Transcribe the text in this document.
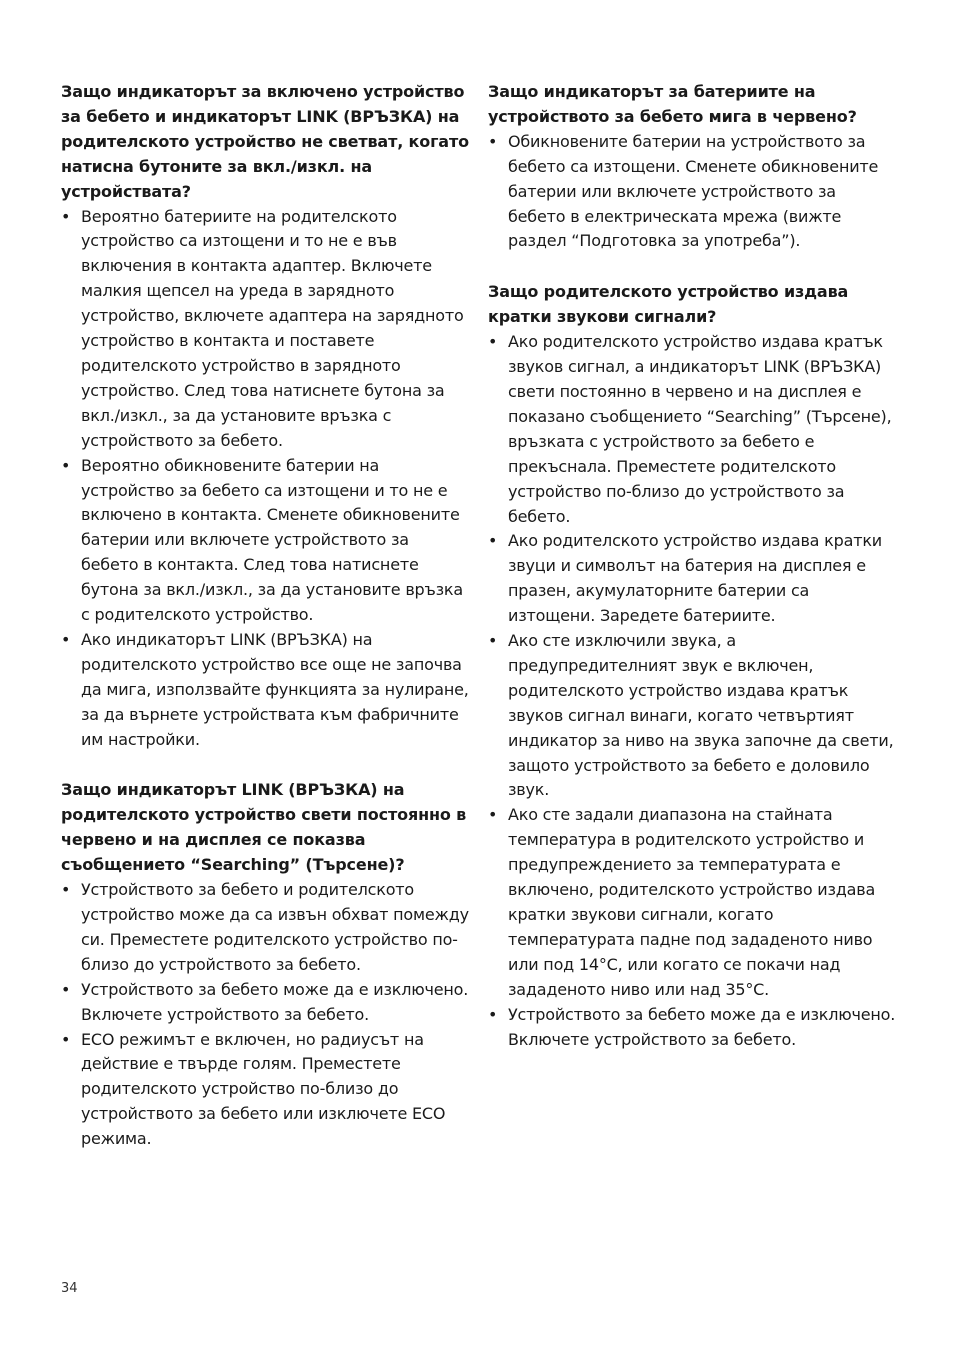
Защо индикаторът за включено устройство за бебето и индикаторът LINK (ВРЪЗКА) на родителското устройство не светват, когато натисна бутоните за вкл./изкл. на устройствата?

• Вероятно батериите на родителското устройство са изтощени и то не е във включения в контакта адаптер. Включете малкия щепсел на уреда в зарядното устройство, включете адаптера на зарядното устройство в контакта и поставете родителското устройство в зарядното устройство. След това натиснете бутона за вкл./изкл., за да установите връзка с устройството за бебето.
• Вероятно обикновените батерии на устройство за бебето са изтощени и то не е включено в контакта. Сменете обикновените батерии или включете устройството за бебето в контакта. След това натиснете бутона за вкл./изкл., за да установите връзка с родителското устройство.
• Ако индикаторът LINK (ВРЪЗКА) на родителското устройство все още не започва да мига, използвайте функцията за нулиране, за да върнете устройствата към фабричните им настройки.

Защо индикаторът LINK (ВРЪЗКА) на родителското устройство свети постоянно в червено и на дисплея се показва съобщението “Searching” (Търсене)?

• Устройството за бебето и родителското устройство може да са извън обхват помежду си. Преместете родителското устройство по-близо до устройството за бебето.
• Устройството за бебето може да е изключено. Включете устройството за бебето.
• ECO режимът е включен, но радиусът на действие е твърде голям. Преместете родителското устройство по-близо до устройството за бебето или изключете ECO режима.

Защо индикаторът за батериите на устройството за бебето мига в червено?

• Обикновените батерии на устройството за бебето са изтощени. Сменете обикновените батерии или включете устройството за бебето в електрическата мрежа (вижте раздел “Подготовка за употреба”).

Защо родителското устройство издава кратки звукови сигнали?

• Ако родителското устройство издава кратък звуков сигнал, а индикаторът LINK (ВРЪЗКА) свети постоянно в червено и на дисплея е показано съобщението “Searching” (Търсене), връзката с устройството за бебето е прекъснала. Преместете родителското устройство по-близо до устройството за бебето.
• Ако родителското устройство издава кратки звуци и символът на батерия на дисплея е празен, акумулаторните батерии са изтощени. Заредете батериите.
• Ако сте изключили звука, а предупредителният звук е включен, родителското устройство издава кратък звуков сигнал винаги, когато четвъртият индикатор за ниво на звука започне да свети, защото устройството за бебето е доловило звук.
• Ако сте задали диапазона на стайната температура в родителското устройство и предупреждението за температурата е включено, родителското устройство издава кратки звукови сигнали, когато температурата падне под зададеното ниво или под 14°C, или когато се покачи над зададеното ниво или над 35°C.
• Устройството за бебето може да е изключено. Включете устройството за бебето.
34
